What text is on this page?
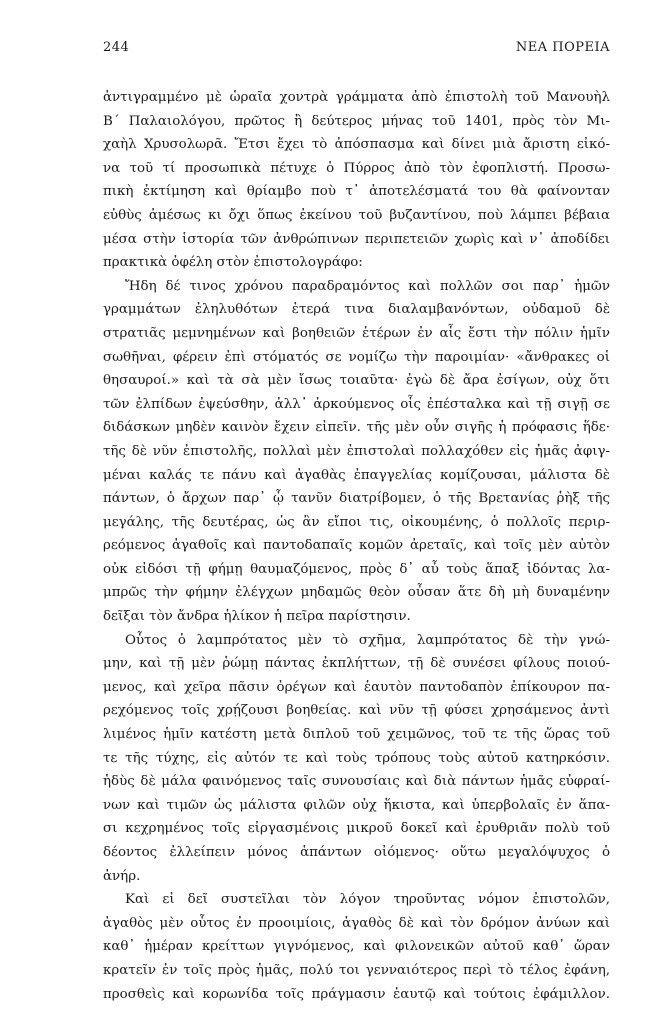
244	ΝΕΑ ΠΟΡΕΙΑ
ἀντιγραμμένο μὲ ὡραῖα χοντρὰ γράμματα ἀπὸ ἐπιστολὴ τοῦ Μανουὴλ
Β΄ Παλαιολόγου, πρῶτος ἢ δεύτερος μήνας τοῦ 1401, πρὸς τὸν Μι-
χαὴλ Χρυσολωρᾶ. Ἔτσι ἔχει τὸ ἀπόσπασμα καὶ δίνει μιὰ ἄριστη εἰκό-
να τοῦ τί προσωπικὰ πέτυχε ὁ Πύρρος ἀπὸ τὸν ἐφοπλιστή. Προσω-
πικὴ ἐκτίμηση καὶ θρίαμβο ποὺ τ᾽ ἀποτελέσματά του θὰ φαίνονταν
εὐθὺς ἀμέσως κι ὄχι ὅπως ἐκείνου τοῦ βυζαντίνου, ποὺ λάμπει βέβαια
μέσα στὴν ἱστορία τῶν ἀνθρώπινων περιπετειῶν χωρὶς καὶ ν᾽ ἀποδίδει
πρακτικὰ ὀφέλη στὸν ἐπιστολογράφο:
Ἤδη δέ τινος χρόνου παραδραμόντος καὶ πολλῶν σοι παρ᾽ ἡμῶν
γραμμάτων ἐληλυθότων ἑτερά τινα διαλαμβανόντων, οὐδαμοῦ δὲ
στρατιᾶς μεμνημένων καὶ βοηθειῶν ἑτέρων ἐν αἷς ἔστι τὴν πόλιν ἡμῖν
σωθῆναι, φέρειν ἐπὶ στόματός σε νομίζω τὴν παροιμίαν· «ἄνθρακες οἱ
θησαυροί.» καὶ τὰ σὰ μὲν ἴσως τοιαῦτα· ἐγὼ δὲ ἄρα ἐσίγων, οὐχ ὅτι
τῶν ἐλπίδων ἐψεύσθην, ἀλλ᾽ ἀρκούμενος οἷς ἐπέσταλκα καὶ τῇ σιγῇ σε
διδάσκων μηδὲν καινὸν ἔχειν εἰπεῖν. τῆς μὲν οὖν σιγῆς ἡ πρόφασις ἥδε·
τῆς δὲ νῦν ἐπιστολῆς, πολλαὶ μὲν ἐπιστολαὶ πολλαχόθεν εἰς ἡμᾶς ἀφιγ-
μέναι καλάς τε πάνυ καὶ ἀγαθὰς ἐπαγγελίας κομίζουσαι, μάλιστα δὲ
πάντων, ὁ ἄρχων παρ᾽ ᾧ τανῦν διατρίβομεν, ὁ τῆς Βρετανίας ῥὴξ τῆς
μεγάλης, τῆς δευτέρας, ὡς ἂν εἴποι τις, οἰκουμένης, ὁ πολλοῖς περιρ-
ρεόμενος ἀγαθοῖς καὶ παντοδαπαῖς κομῶν ἀρεταῖς, καὶ τοῖς μὲν αὐτὸν
οὐκ εἰδόσι τῇ φήμῃ θαυμαζόμενος, πρὸς δ᾽ αὖ τοὺς ἅπαξ ἰδόντας λα-
μπρῶς τὴν φήμην ἐλέγχων μηδαμῶς θεὸν οὖσαν ἅτε δὴ μὴ δυναμένην
δεῖξαι τὸν ἄνδρα ἡλίκον ἡ πεῖρα παρίστησιν.
Οὗτος ὁ λαμπρότατος μὲν τὸ σχῆμα, λαμπρότατος δὲ τὴν γνώ-
μην, καὶ τῇ μὲν ῥώμῃ πάντας ἐκπλήττων, τῇ δὲ συνέσει φίλους ποιού-
μενος, καὶ χεῖρα πᾶσιν ὀρέγων καὶ ἑαυτὸν παντοδαπὸν ἐπίκουρον πα-
ρεχόμενος τοῖς χρῄζουσι βοηθείας. καὶ νῦν τῇ φύσει χρησάμενος ἀντὶ
λιμένος ἡμῖν κατέστη μετὰ διπλοῦ τοῦ χειμῶνος, τοῦ τε τῆς ὥρας τοῦ
τε τῆς τύχης, εἰς αὐτόν τε καὶ τοὺς τρόπους τοὺς αὐτοῦ κατηρκόσιν.
ἡδὺς δὲ μάλα φαινόμενος ταῖς συνουσίαις καὶ διὰ πάντων ἡμᾶς εὐφραί-
νων καὶ τιμῶν ὡς μάλιστα φιλῶν οὐχ ἥκιστα, καὶ ὑπερβολαῖς ἐν ἅπα-
σι κεχρημένος τοῖς εἰργασμένοις μικροῦ δοκεῖ καὶ ἐρυθριᾶν πολὺ τοῦ
δέοντος ἐλλείπειν μόνος ἁπάντων οἰόμενος· οὕτω μεγαλόψυχος ὁ
ἀνήρ.
Καὶ εἰ δεῖ συστεῖλαι τὸν λόγον τηροῦντας νόμον ἐπιστολῶν,
ἀγαθὸς μὲν οὗτος ἐν προοιμίοις, ἀγαθὸς δὲ καὶ τὸν δρόμον ἀνύων καὶ
καθ᾽ ἡμέραν κρείττων γιγνόμενος, καὶ φιλονεικῶν αὐτοῦ καθ᾽ ὥραν
κρατεῖν ἐν τοῖς πρὸς ἡμᾶς, πολύ τοι γενναιότερος περὶ τὸ τέλος ἐφάνη,
προσθεὶς καὶ κορωνίδα τοῖς πράγμασιν ἑαυτῷ καὶ τούτοις ἐφάμιλλον.
